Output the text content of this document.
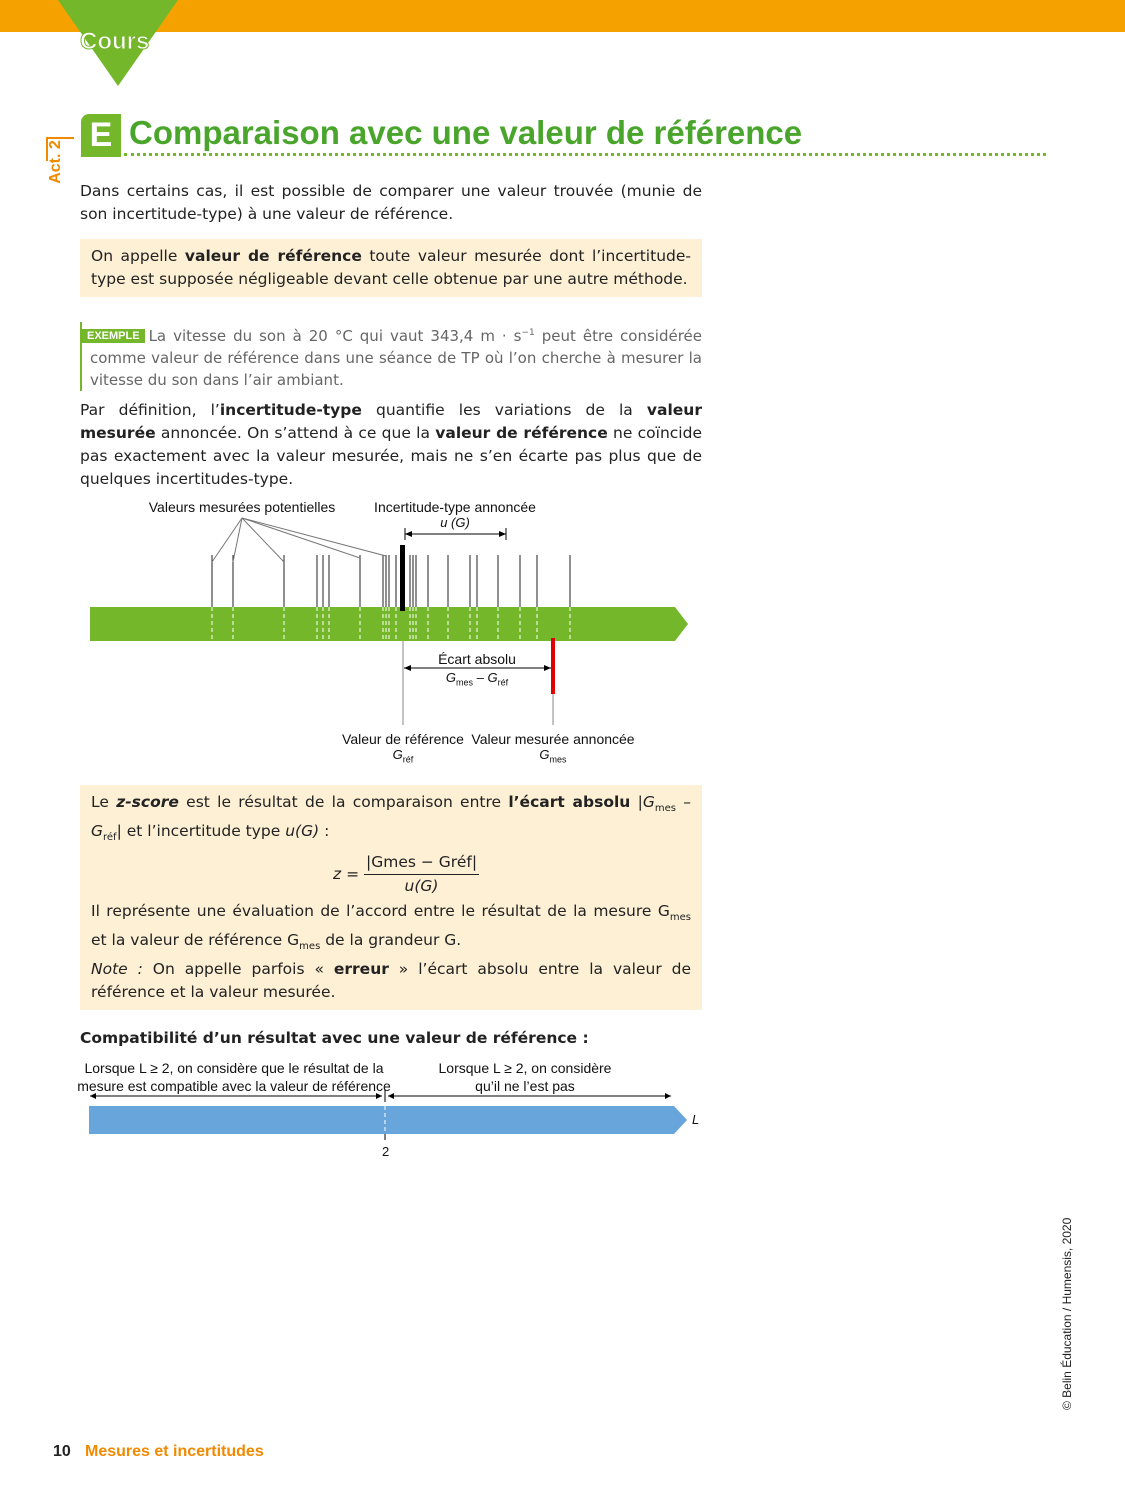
Cours
Act. 2
E Comparaison avec une valeur de référence
Dans certains cas, il est possible de comparer une valeur trouvée (munie de son incertitude-type) à une valeur de référence.
On appelle valeur de référence toute valeur mesurée dont l’incertitude-type est supposée négligeable devant celle obtenue par une autre méthode.
EXEMPLE La vitesse du son à 20 °C qui vaut 343,4 $m \cdot s^{-1}$ peut être considérée comme valeur de référence dans une séance de TP où l’on cherche à mesurer la vitesse du son dans l’air ambiant.
Par définition, l’incertitude-type quantifie les variations de la valeur mesurée annoncée. On s’attend à ce que la valeur de référence ne coïncide pas exactement avec la valeur mesurée, mais ne s’en écarte pas plus que de quelques incertitudes-type.
Valeurs mesurées potentielles	Incertitude-type annoncée
u (G)
Écart absolu
$G_{mes} - G_{réf}$
Valeur de référence
$G_{réf}$
Valeur mesurée annoncée
$G_{mes}$
Le z-score est le résultat de la comparaison entre l’écart absolu $|G_{mes} - G_{réf}|$ et l’incertitude type u(G) :
$z = \frac{\text{|Gmes − Gréf|}}{u(G)}$
Il représente une évaluation de l’accord entre le résultat de la mesure $G_{mes}$ et la valeur de référence $G_{mes}$ de la grandeur G.
Note : On appelle parfois « erreur » l’écart absolu entre la valeur de référence et la valeur mesurée.
Compatibilité d’un résultat avec une valeur de référence :
Lorsque L ≥ 2, on considère que le résultat de la
mesure est compatible avec la valeur de référence
Lorsque L ≥ 2, on considère
qu’il ne l’est pas
L
2
10 Mesures et incertitudes
© Belin Éducation / Humensis, 2020
